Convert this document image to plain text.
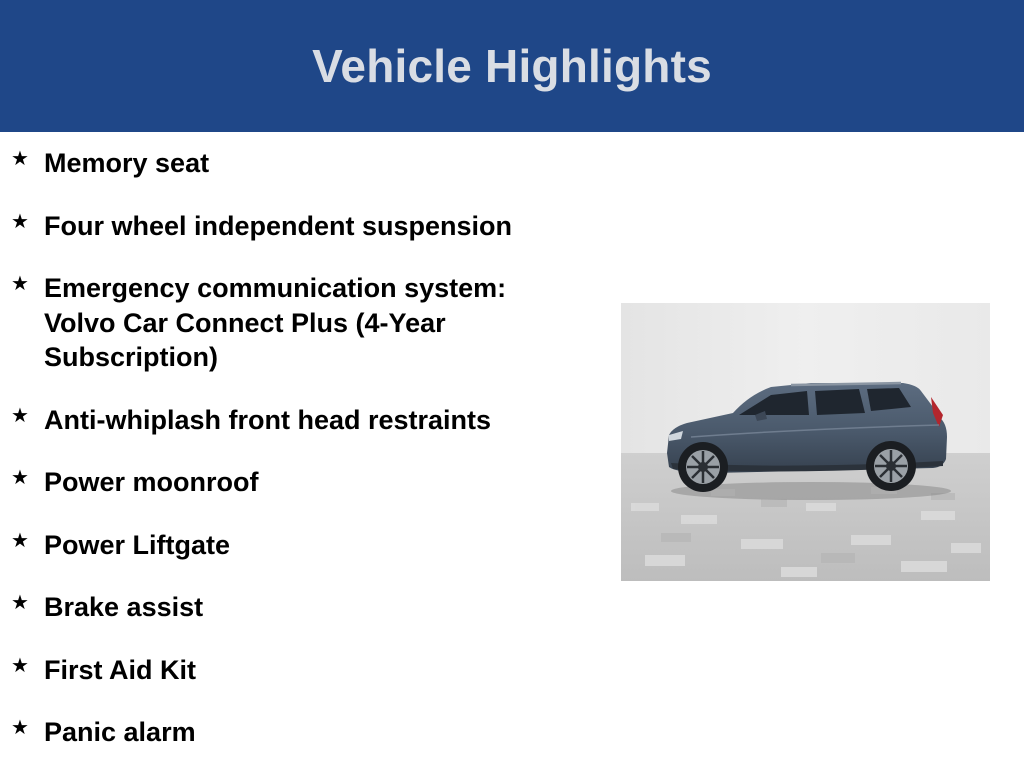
Vehicle Highlights
★ Memory seat
★ Four wheel independent suspension
★ Emergency communication system: Volvo Car Connect Plus (4-Year Subscription)
★ Anti-whiplash front head restraints
★ Power moonroof
★ Power Liftgate
★ Brake assist
★ First Aid Kit
★ Panic alarm
